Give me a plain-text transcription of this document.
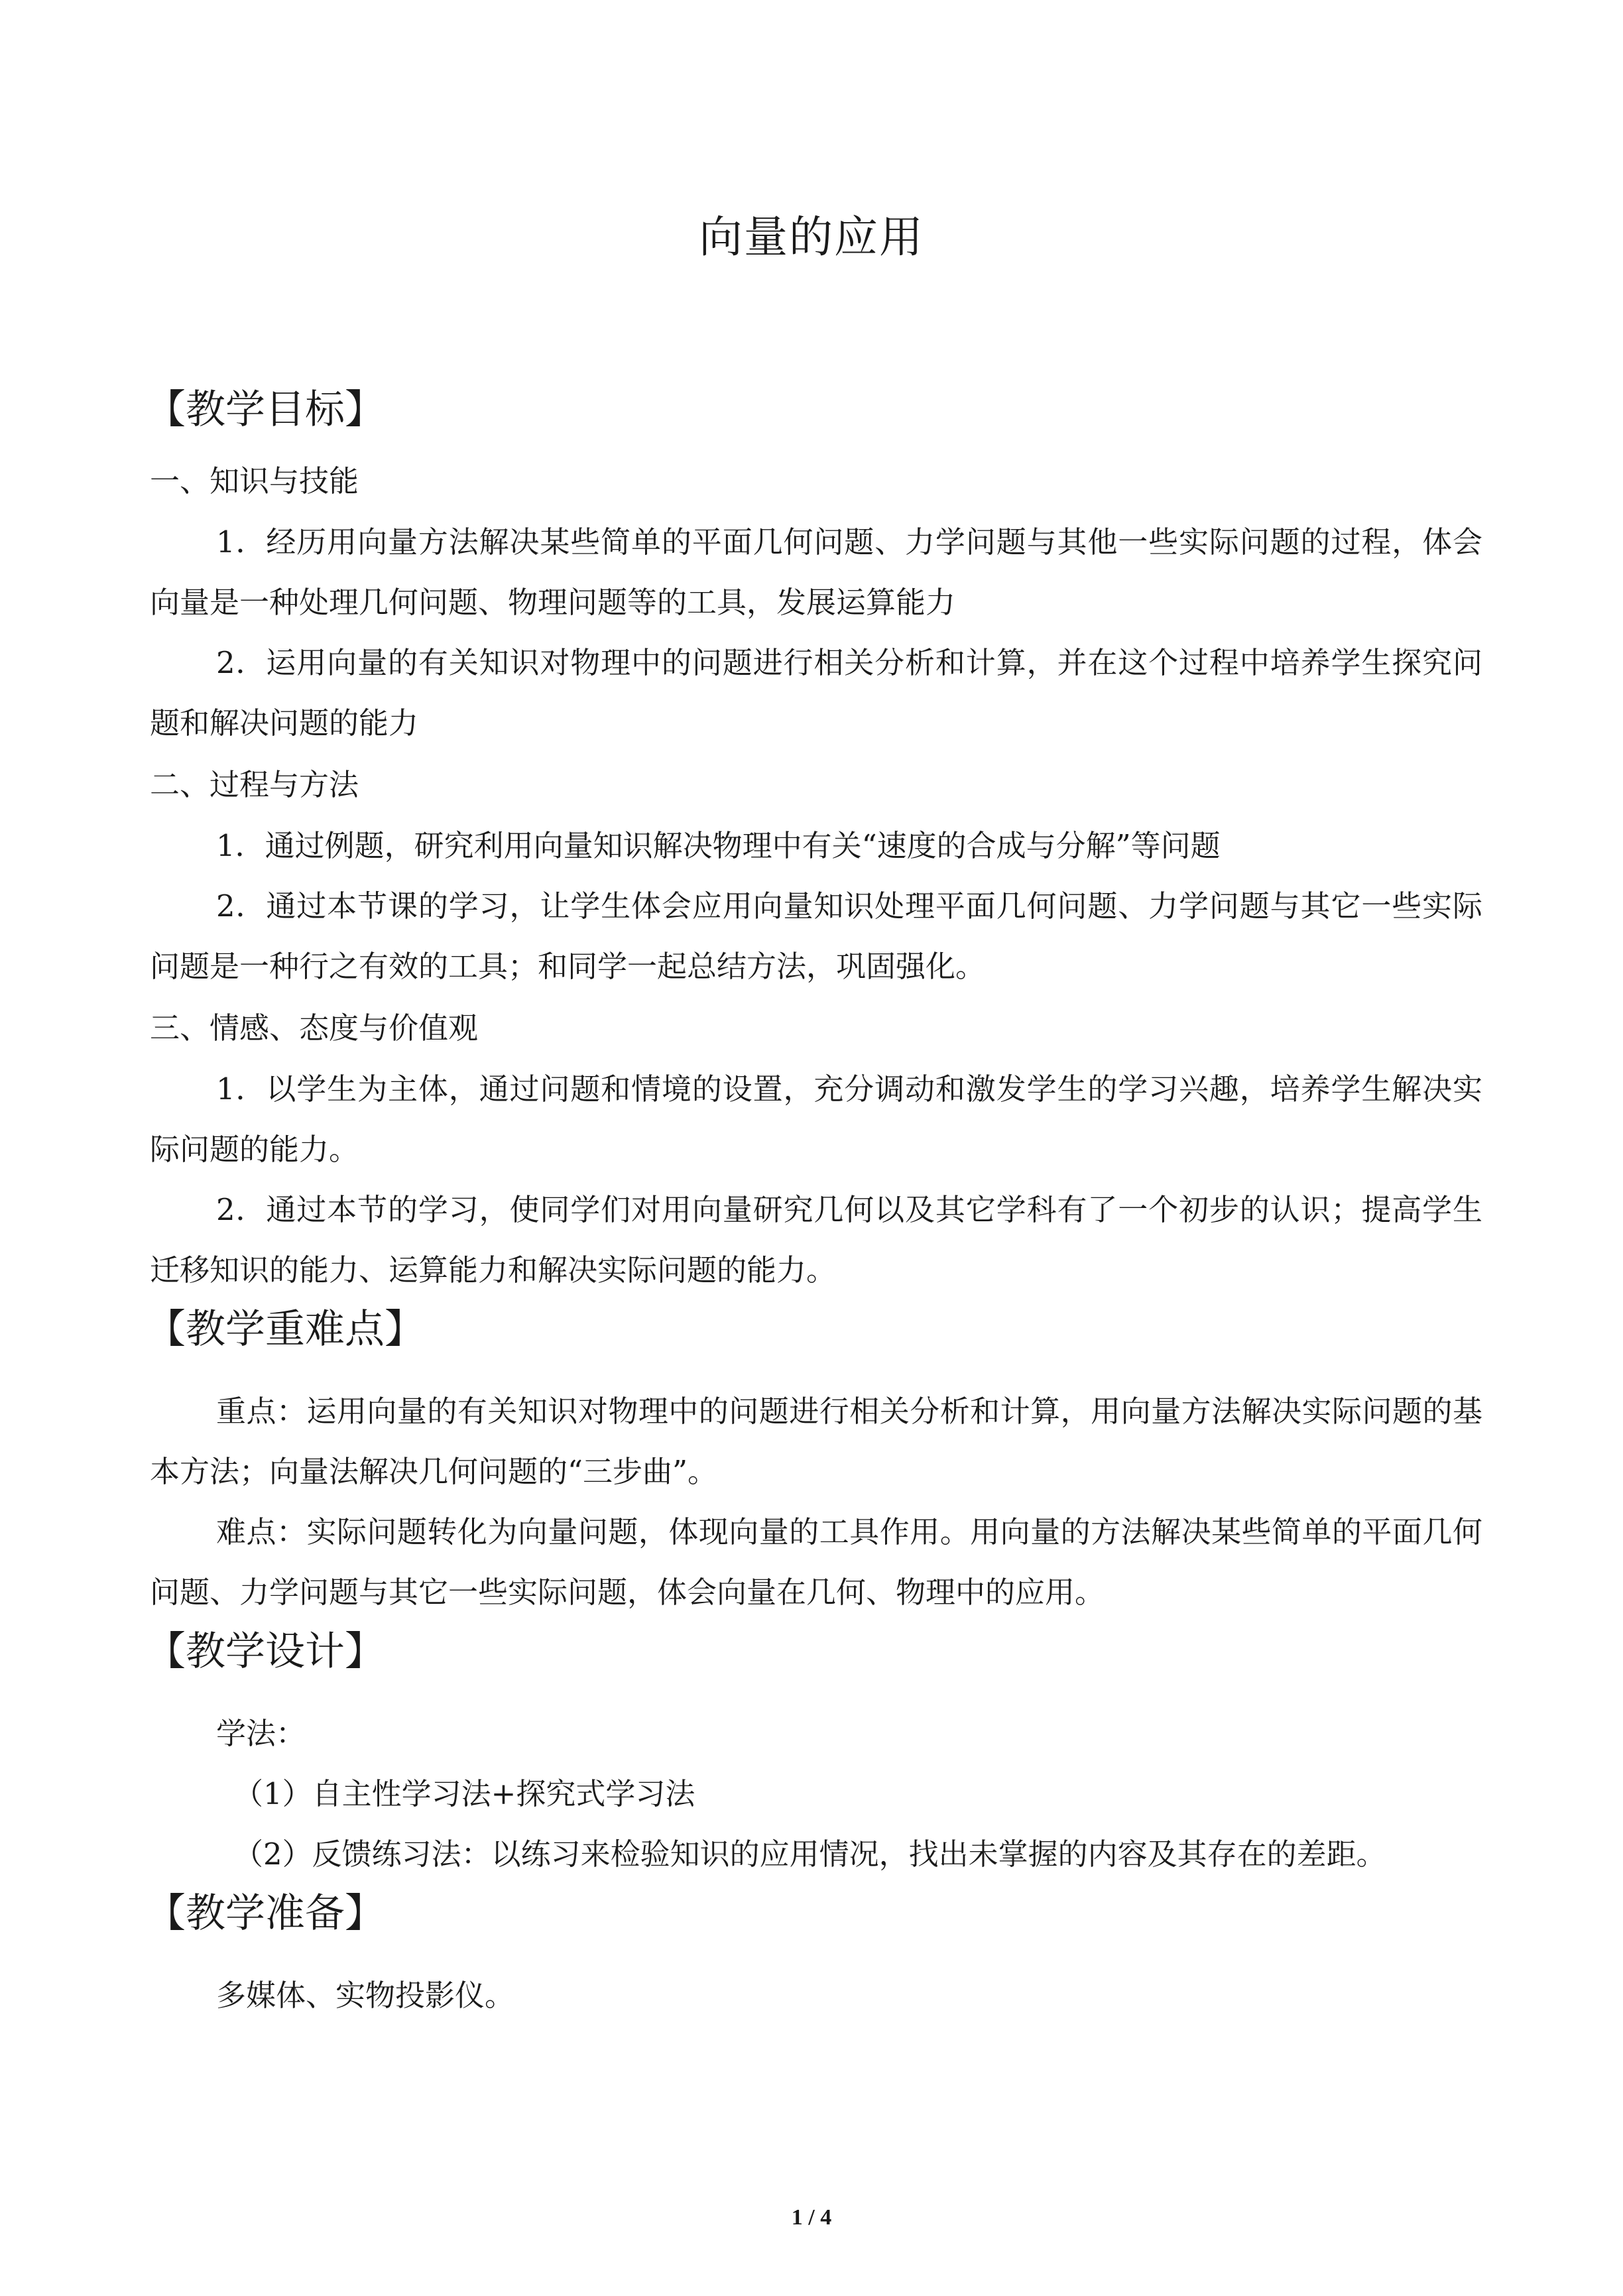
向量的应用
【教学目标】
一、知识与技能

1．经历用向量方法解决某些简单的平面几何问题、力学问题与其他一些实际问题的过程，体会向量是一种处理几何问题、物理问题等的工具，发展运算能力

2．运用向量的有关知识对物理中的问题进行相关分析和计算，并在这个过程中培养学生探究问题和解决问题的能力

二、过程与方法

1．通过例题，研究利用向量知识解决物理中有关“速度的合成与分解”等问题

2．通过本节课的学习，让学生体会应用向量知识处理平面几何问题、力学问题与其它一些实际问题是一种行之有效的工具；和同学一起总结方法，巩固强化。

三、情感、态度与价值观

1．以学生为主体，通过问题和情境的设置，充分调动和激发学生的学习兴趣，培养学生解决实际问题的能力。

2．通过本节的学习，使同学们对用向量研究几何以及其它学科有了一个初步的认识；提高学生迁移知识的能力、运算能力和解决实际问题的能力。

【教学重难点】

重点：运用向量的有关知识对物理中的问题进行相关分析和计算，用向量方法解决实际问题的基本方法；向量法解决几何问题的“三步曲”。

难点：实际问题转化为向量问题，体现向量的工具作用。用向量的方法解决某些简单的平面几何问题、力学问题与其它一些实际问题，体会向量在几何、物理中的应用。

【教学设计】

学法：

（1）自主性学习法+探究式学习法

（2）反馈练习法：以练习来检验知识的应用情况，找出未掌握的内容及其存在的差距。

【教学准备】

多媒体、实物投影仪。

1 / 4
